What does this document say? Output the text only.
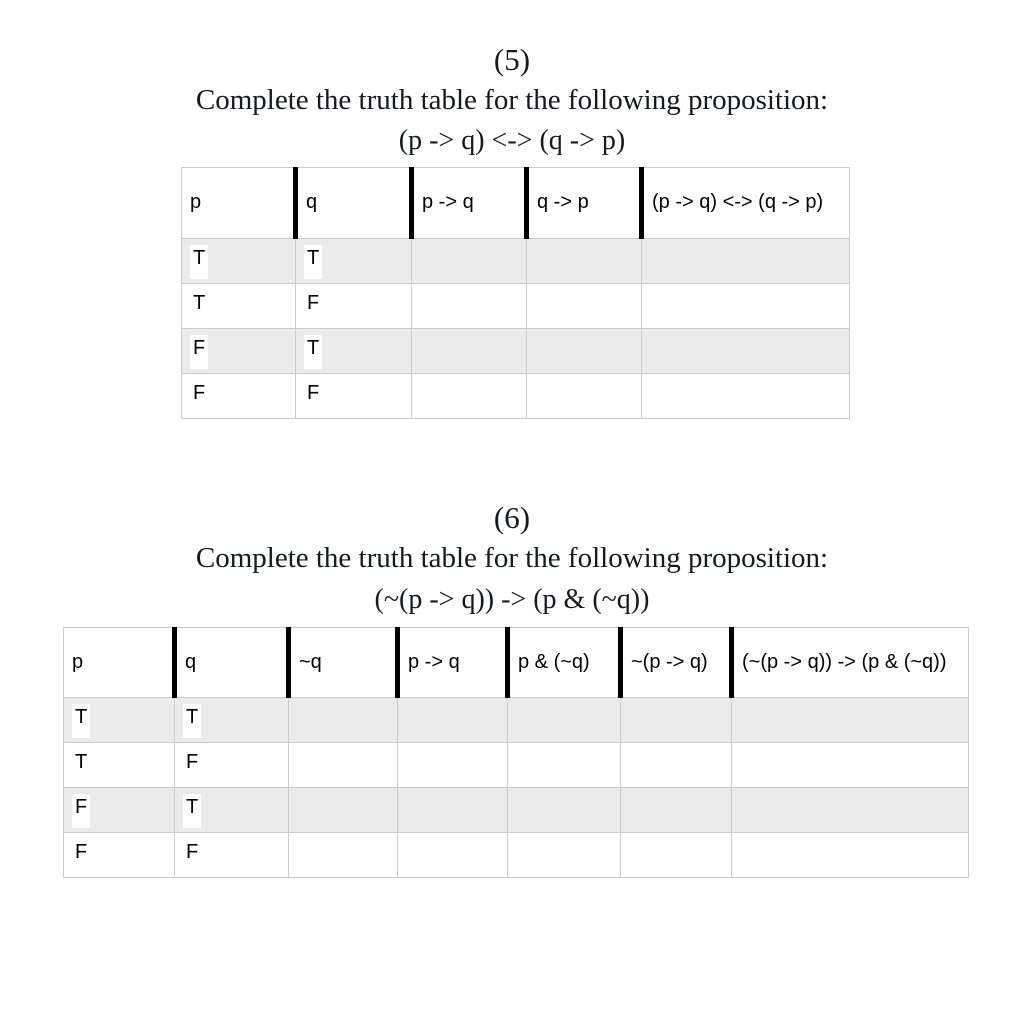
(5)
Complete the truth table for the following proposition:
(p -> q) <-> (q -> p)
p	q	p -> q	q -> p	(p -> q) <-> (q -> p)
T	T			
T	F			
F	T			
F	F			
(6)
Complete the truth table for the following proposition:
(~(p -> q)) -> (p & (~q))
p	q	~q	p -> q	p & (~q)	~(p -> q)	(~(p -> q)) -> (p & (~q))
T	T					
T	F					
F	T					
F	F					
